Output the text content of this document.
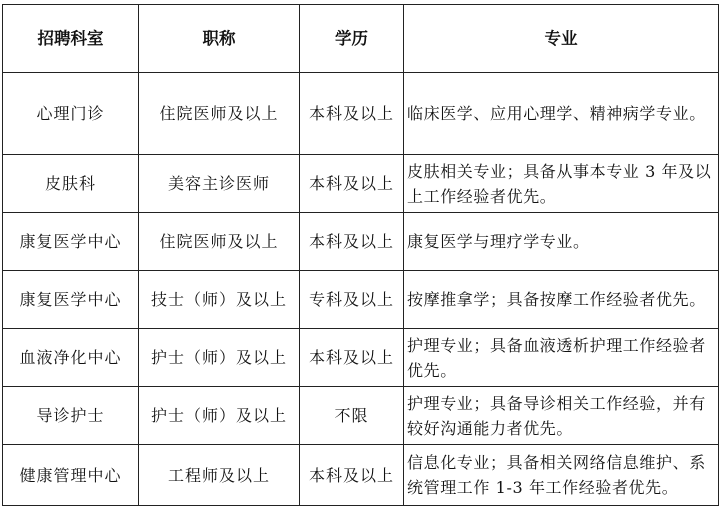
招聘科室	职称	学历	专业
心理门诊	住院医师及以上	本科及以上	临床医学、应用心理学、精神病学专业。
皮肤科	美容主诊医师	本科及以上	皮肤相关专业；具备从事本专业 3 年及以上工作经验者优先。
康复医学中心	住院医师及以上	本科及以上	康复医学与理疗学专业。
康复医学中心	技士（师）及以上	专科及以上	按摩推拿学；具备按摩工作经验者优先。
血液净化中心	护士（师）及以上	本科及以上	护理专业；具备血液透析护理工作经验者优先。
导诊护士	护士（师）及以上	不限	护理专业；具备导诊相关工作经验，并有较好沟通能力者优先。
健康管理中心	工程师及以上	本科及以上	信息化专业；具备相关网络信息维护、系统管理工作 1-3 年工作经验者优先。
